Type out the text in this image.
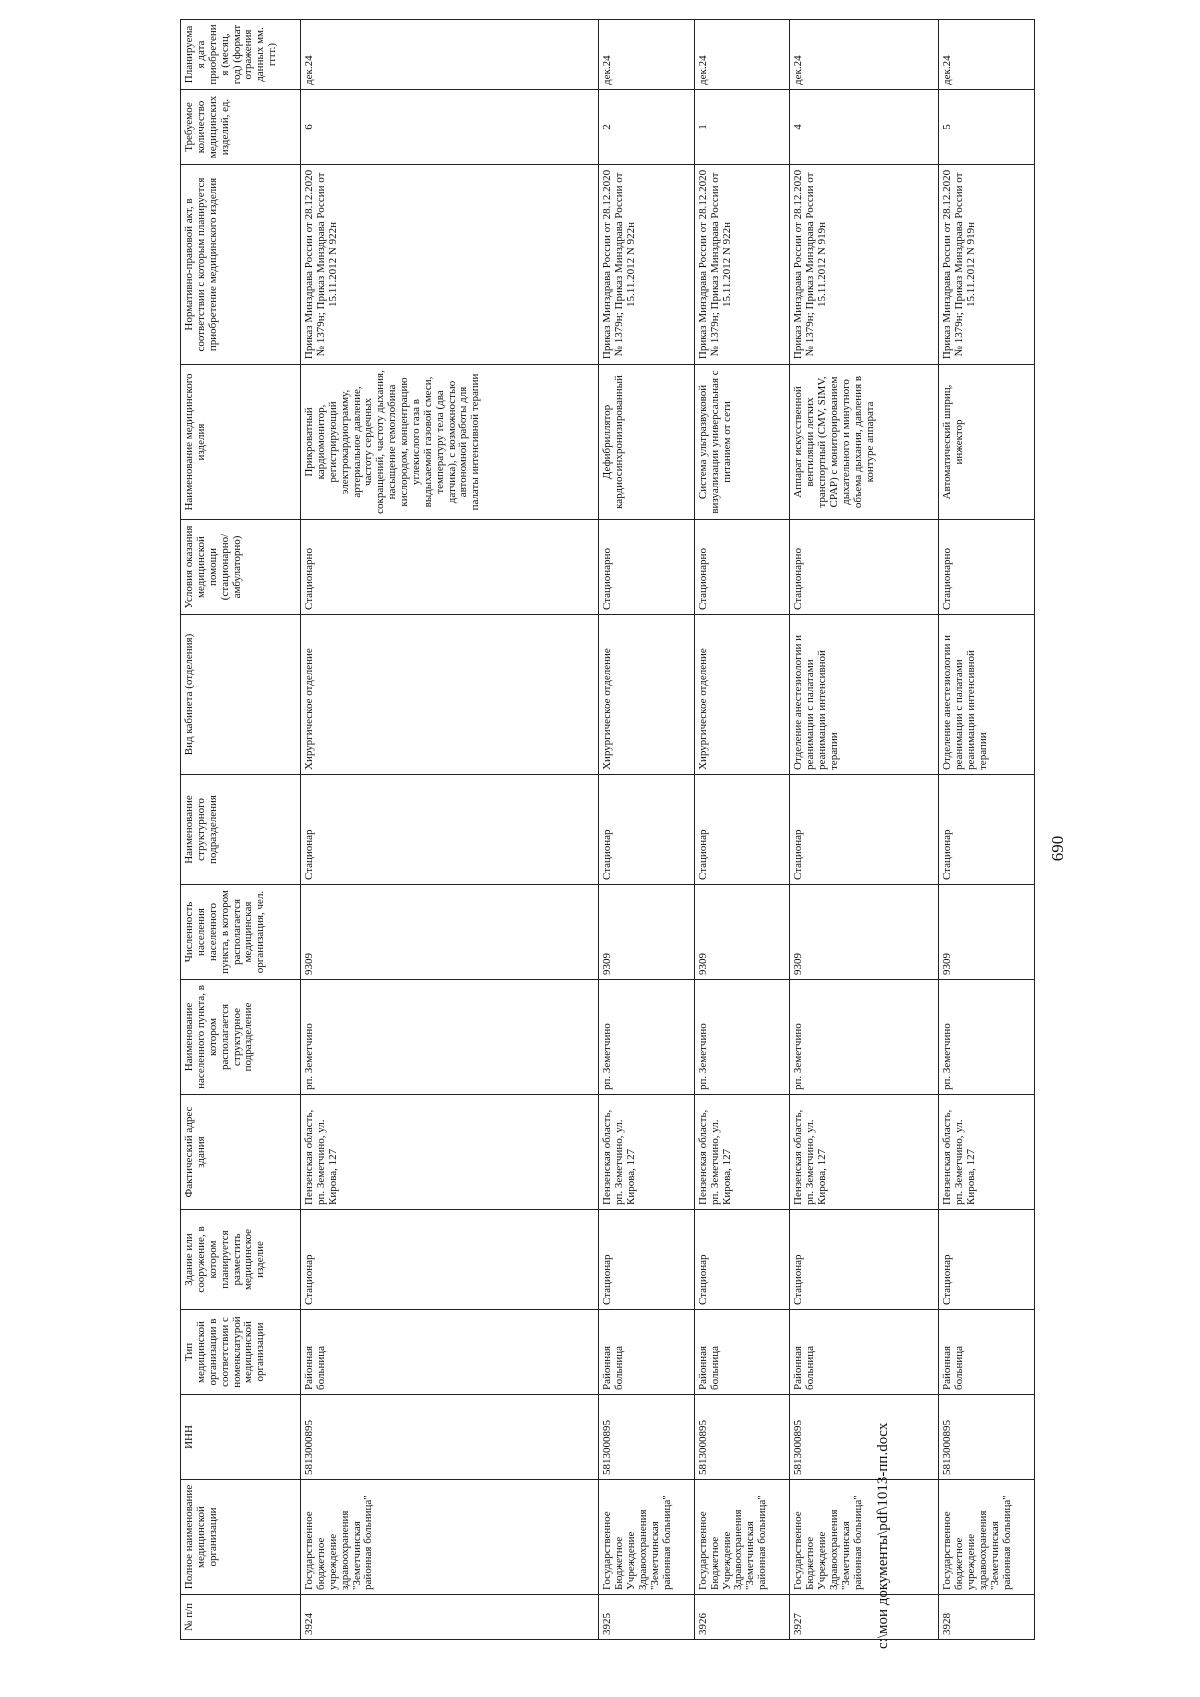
690
№ п/п	Полное наименование медицинской организации	ИНН	Тип медицинской организации в соответствии с номенклатурой медицинской организации	Здание или сооружение, в котором планируется разместить медицинское изделие	Фактический адрес здания	Наименование населенного пункта, в котором располагается структурное подразделение	Численность населения населенного пункта, в котором располагается медицинская организация, чел.	Наименование структурного подразделения	Вид кабинета (отделения)	Условия оказания медицинской помощи (стационарно/ амбулаторно)	Наименование медицинского изделия	Нормативно-правовой акт, в соответствии с которым планируется приобретение медицинского изделия	Требуемое количество медицинских изделий, ед.	Планируемая дата приобретения (месяц, год) (формат отражения данных мм. гггг.)
3924	Государственное бюджетное учреждение здравоохранения "Земетчинская районная больница"	5813000895	Районная больница	Стационар	Пензенская область, рп. Земетчино, ул. Кирова, 127	рп. Земетчино	9309	Стационар	Хирургическое отделение	Стационарно	Прикроватный кардиомонитор, регистрирующий электрокардиограмму, артериальное давление, частоту сердечных сокращений, частоту дыхания, насыщение гемоглобина кислородом, концентрацию углекислого газа в выдыхаемой газовой смеси, температуру тела (два датчика), с возможностью автономной работы для палаты интенсивной терапии	Приказ Минздрава России от 28.12.2020 № 1379н; Приказ Минздрава России от 15.11.2012 N 922н	6	дек.24
3925	Государственное Бюджетное Учреждение Здравоохранения "Земетчинская районная больница"	5813000895	Районная больница	Стационар	Пензенская область, рп. Земетчино, ул. Кирова, 127	рп. Земетчино	9309	Стационар	Хирургическое отделение	Стационарно	Дефибриллятор кардиосинхронизированный	Приказ Минздрава России от 28.12.2020 № 1379н; Приказ Минздрава России от 15.11.2012 N 922н	2	дек.24
3926	Государственное Бюджетное Учреждение Здравоохранения "Земетчинская районная больница"	5813000895	Районная больница	Стационар	Пензенская область, рп. Земетчино, ул. Кирова, 127	рп. Земетчино	9309	Стационар	Хирургическое отделение	Стационарно	Система ультразвуковой визуализации универсальная с питанием от сети	Приказ Минздрава России от 28.12.2020 № 1379н; Приказ Минздрава России от 15.11.2012 N 922н	1	дек.24
3927	Государственное Бюджетное Учреждение Здравоохранения "Земетчинская районная больница"	5813000895	Районная больница	Стационар	Пензенская область, рп. Земетчино, ул. Кирова, 127	рп. Земетчино	9309	Стационар	Отделение анестезиологии и реанимации с палатами реанимации интенсивной терапии	Стационарно	Аппарат искусственной вентиляции легких транспортный (CMV, SIMV, CPAP) с мониторированием дыхательного и минутного объема дыхания, давления в контуре аппарата	Приказ Минздрава России от 28.12.2020 № 1379н; Приказ Минздрава России от 15.11.2012 N 919н	4	дек.24
3928	Государственное бюджетное учреждение здравоохранения "Земетчинская районная больница"	5813000895	Районная больница	Стационар	Пензенская область, рп. Земетчино, ул. Кирова, 127	рп. Земетчино	9309	Стационар	Отделение анестезиологии и реанимации с палатами реанимации интенсивной терапии	Стационарно	Автоматический шприц, инжектор	Приказ Минздрава России от 28.12.2020 № 1379н; Приказ Минздрава России от 15.11.2012 N 919н	5	дек.24
c:\мои документы\pdf\1013-пп.docx
